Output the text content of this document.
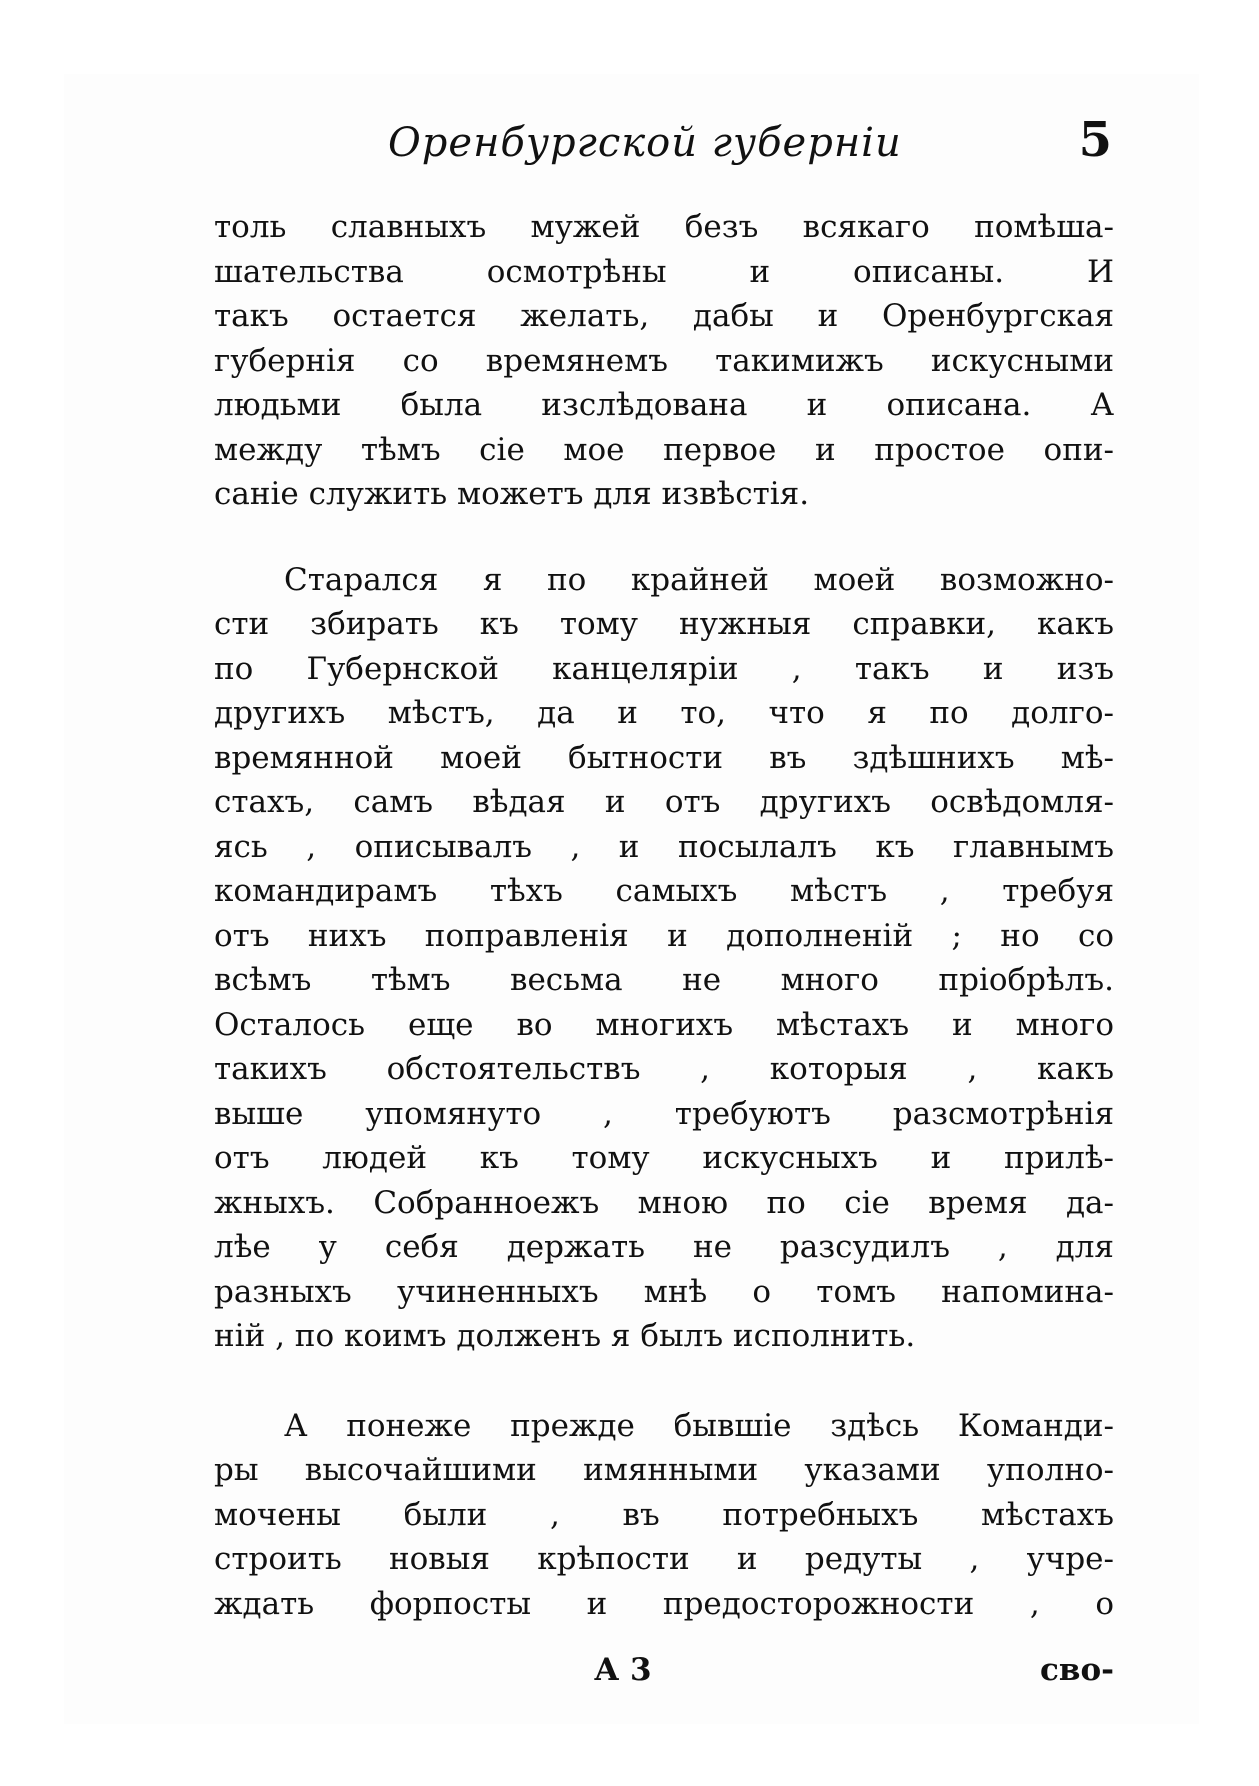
Оренбургской губерніи	5
толь славныхъ мужей безъ всякаго помѣша-
шательства осмотрѣны и описаны. И
такъ остается желать, дабы и Оренбургская
губернія со времянемъ такимижъ искусными
людьми была изслѣдована и описана. А
между тѣмъ сіе мое первое и простое опи-
саніе служить можетъ для извѣстія.
Старался я по крайней моей возможно-
сти збирать къ тому нужныя справки, какъ
по Губернской канцеляріи , такъ и изъ
другихъ мѣстъ, да и то, что я по долго-
времянной моей бытности въ здѣшнихъ мѣ-
стахъ, самъ вѣдая и отъ другихъ освѣдомля-
ясь , описывалъ , и посылалъ къ главнымъ
командирамъ тѣхъ самыхъ мѣстъ , требуя
отъ нихъ поправленія и дополненій ; но со
всѣмъ тѣмъ весьма не много пріобрѣлъ.
Осталось еще во многихъ мѣстахъ и много
такихъ обстоятельствъ , которыя , какъ
выше упомянуто , требуютъ разсмотрѣнія
отъ людей къ тому искусныхъ и прилѣ-
жныхъ. Собранноежъ мною по сіе время да-
лѣе у себя держать не разсудилъ , для
разныхъ учиненныхъ мнѣ о томъ напомина-
ній , по коимъ долженъ я былъ исполнить.
А понеже прежде бывшіе здѣсь Команди-
ры высочайшими имянными указами уполно-
мочены были , въ потребныхъ мѣстахъ
строить новыя крѣпости и редуты , учре-
ждать форпосты и предосторожности , о
А 3	сво-
